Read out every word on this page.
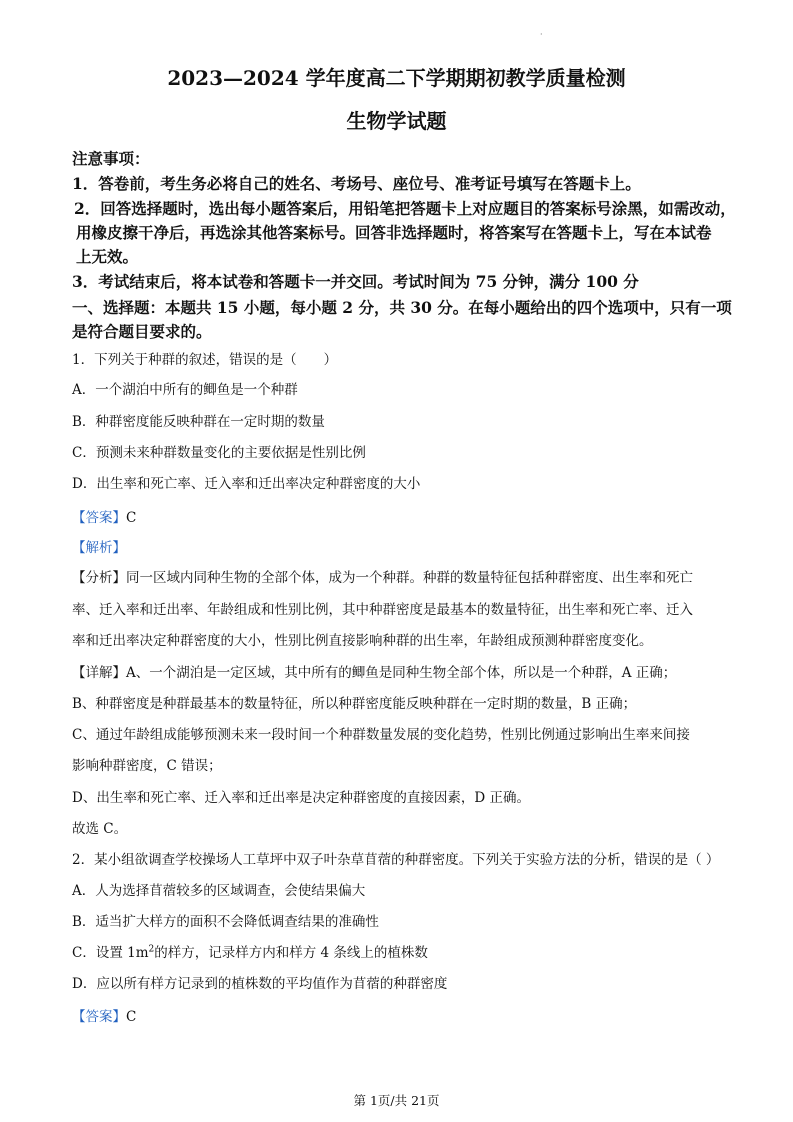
·
2023—2024 学年度高二下学期期初教学质量检测
生物学试题
注意事项：
1．答卷前，考生务必将自己的姓名、考场号、座位号、准考证号填写在答题卡上。
2．回答选择题时，选出每小题答案后，用铅笔把答题卡上对应题目的答案标号涂黑，如需改动，
用橡皮擦干净后，再选涂其他答案标号。回答非选择题时，将答案写在答题卡上，写在本试卷
上无效。
3．考试结束后，将本试卷和答题卡一并交回。考试时间为 75 分钟，满分 100 分
一、选择题：本题共 15 小题，每小题 2 分，共 30 分。在每小题给出的四个选项中，只有一项
是符合题目要求的。
1．下列关于种群的叙述，错误的是（　　）
A．一个湖泊中所有的鲫鱼是一个种群
B．种群密度能反映种群在一定时期的数量
C．预测未来种群数量变化的主要依据是性别比例
D．出生率和死亡率、迁入率和迁出率决定种群密度的大小
【答案】C
【解析】
【分析】同一区域内同种生物的全部个体，成为一个种群。种群的数量特征包括种群密度、出生率和死亡
率、迁入率和迁出率、年龄组成和性别比例，其中种群密度是最基本的数量特征，出生率和死亡率、迁入
率和迁出率决定种群密度的大小，性别比例直接影响种群的出生率，年龄组成预测种群密度变化。
【详解】A、一个湖泊是一定区域，其中所有的鲫鱼是同种生物全部个体，所以是一个种群，A 正确；
B、种群密度是种群最基本的数量特征，所以种群密度能反映种群在一定时期的数量，B 正确；
C、通过年龄组成能够预测未来一段时间一个种群数量发展的变化趋势，性别比例通过影响出生率来间接
影响种群密度，C 错误；
D、出生率和死亡率、迁入率和迁出率是决定种群密度的直接因素，D 正确。
故选 C。
2．某小组欲调查学校操场人工草坪中双子叶杂草苜蓿的种群密度。下列关于实验方法的分析，错误的是（ ）
A．人为选择苜蓿较多的区域调查，会使结果偏大
B．适当扩大样方的面积不会降低调查结果的准确性
C．设置 $1m^2$的样方，记录样方内和样方 4 条线上的植株数
D．应以所有样方记录到的植株数的平均值作为苜蓿的种群密度
【答案】C
第 1页/共 21页
